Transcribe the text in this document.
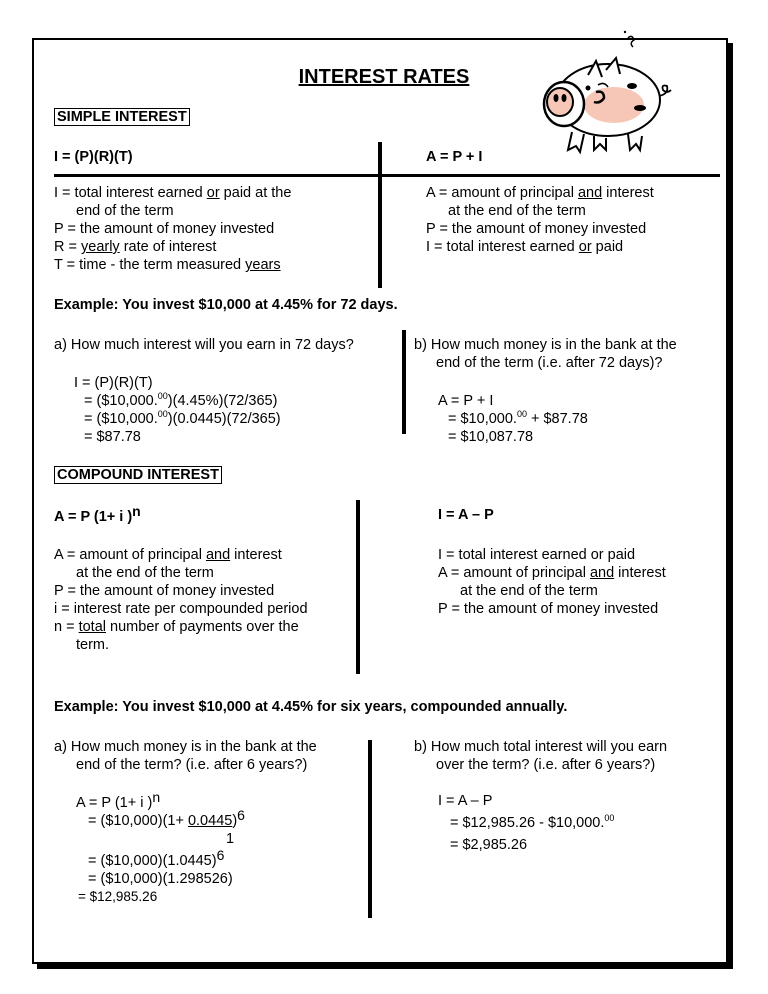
INTEREST RATES
SIMPLE INTEREST
I = (P)(R)(T)	A = P + I
I = total interest earned or paid at the
end of the term
P = the amount of money invested
R = yearly rate of interest
T = time - the term measured years
A = amount of principal and interest
at the end of the term
P = the amount of money invested
I = total interest earned or paid
Example: You invest $10,000 at 4.45% for 72 days.
a) How much interest will you earn in 72 days?	b) How much money is in the bank at the
end of the term (i.e. after 72 days)?
I = (P)(R)(T)
= ($10,000.00)(4.45%)(72/365)
= ($10,000.00)(0.0445)(72/365)
= $87.78
A = P + I
= $10,000.00 + $87.78
= $10,087.78
COMPOUND INTEREST
A = P (1+ i )n	I = A – P
A = amount of principal and interest
at the end of the term
P = the amount of money invested
i = interest rate per compounded period
n = total number of payments over the
term.
I = total interest earned or paid
A = amount of principal and interest
at the end of the term
P = the amount of money invested
Example: You invest $10,000 at 4.45% for six years, compounded annually.
a) How much money is in the bank at the
end of the term? (i.e. after 6 years?)
b) How much total interest will you earn
over the term? (i.e. after 6 years?)
A = P (1+ i )n
= ($10,000)(1+ 0.0445)6
1
= ($10,000)(1.0445)6
= ($10,000)(1.298526)
= $12,985.26
I = A – P
= $12,985.26 - $10,000.00
= $2,985.26
